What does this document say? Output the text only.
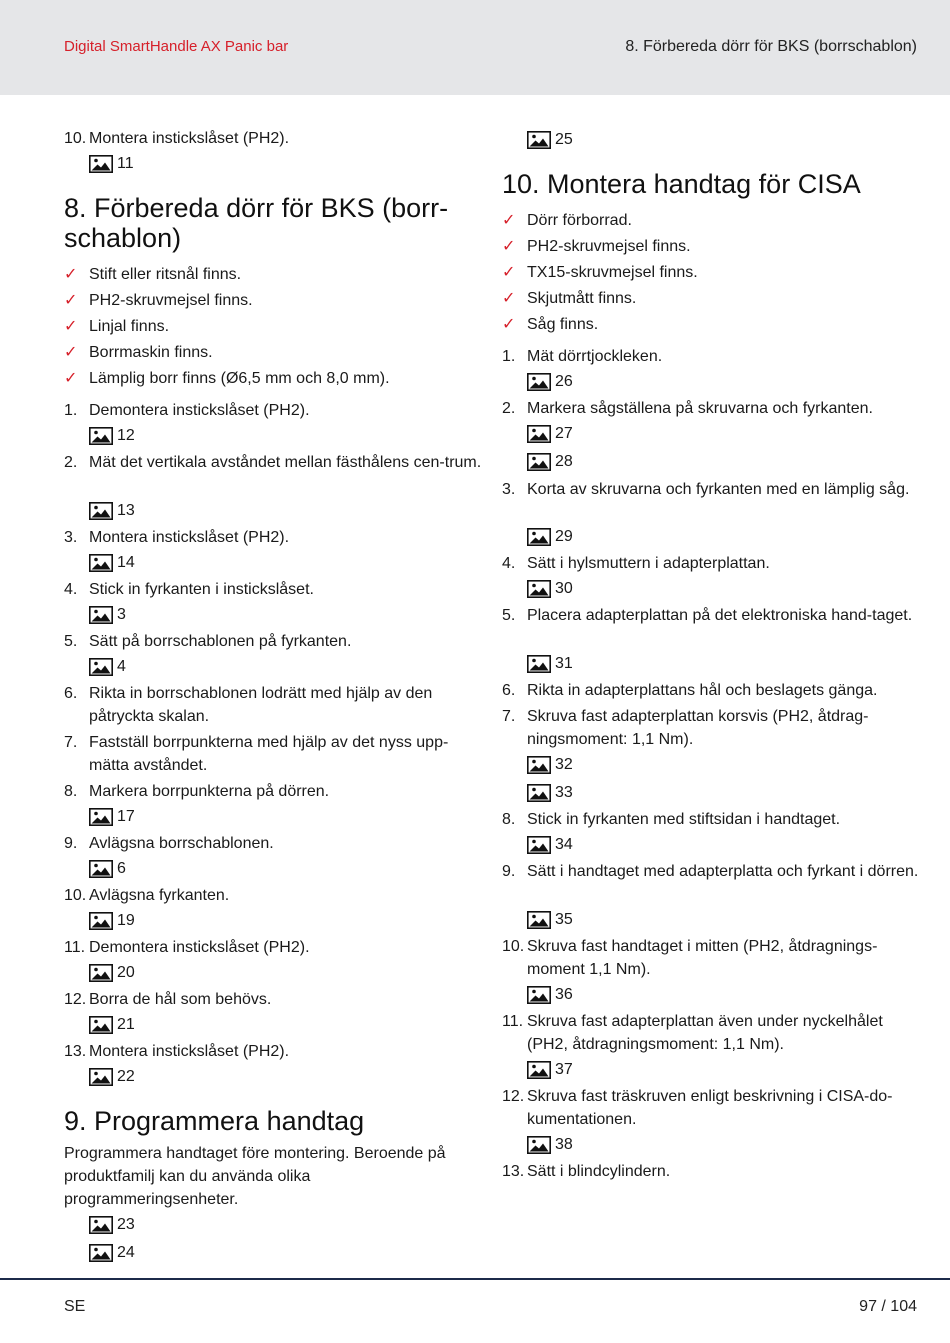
Digital SmartHandle AX Panic bar	8. Förbereda dörr för BKS (borrschablon)
10. Montera instickslåset (PH2).
11
8. Förbereda dörr för BKS (borr-schablon)
✓ Stift eller ritsnål finns.
✓ PH2-skruvmejsel finns.
✓ Linjal finns.
✓ Borrmaskin finns.
✓ Lämplig borr finns (Ø6,5 mm och 8,0 mm).
1. Demontera instickslåset (PH2).
12
2. Mät det vertikala avståndet mellan fästhålens cen-trum.
13
3. Montera instickslåset (PH2).
14
4. Stick in fyrkanten i instickslåset.
3
5. Sätt på borrschablonen på fyrkanten.
4
6. Rikta in borrschablonen lodrätt med hjälp av den påtryckta skalan.
7. Fastställ borrpunkterna med hjälp av det nyss upp-mätta avståndet.
8. Markera borrpunkterna på dörren.
17
9. Avlägsna borrschablonen.
6
10. Avlägsna fyrkanten.
19
11. Demontera instickslåset (PH2).
20
12. Borra de hål som behövs.
21
13. Montera instickslåset (PH2).
22
9. Programmera handtag
Programmera handtaget före montering. Beroende på produktfamilj kan du använda olika programmeringsenheter.
23
24
25
10. Montera handtag för CISA
✓ Dörr förborrad.
✓ PH2-skruvmejsel finns.
✓ TX15-skruvmejsel finns.
✓ Skjutmått finns.
✓ Såg finns.
1. Mät dörrtjockleken.
26
2. Markera sågställena på skruvarna och fyrkanten.
27
28
3. Korta av skruvarna och fyrkanten med en lämplig såg.
29
4. Sätt i hylsmuttern i adapterplattan.
30
5. Placera adapterplattan på det elektroniska hand-taget.
31
6. Rikta in adapterplattans hål och beslagets gänga.
7. Skruva fast adapterplattan korsvis (PH2, åtdrag-ningsmoment: 1,1 Nm).
32
33
8. Stick in fyrkanten med stiftsidan i handtaget.
34
9. Sätt i handtaget med adapterplatta och fyrkant i dörren.
35
10. Skruva fast handtaget i mitten (PH2, åtdragnings-moment 1,1 Nm).
36
11. Skruva fast adapterplattan även under nyckelhålet (PH2, åtdragningsmoment: 1,1 Nm).
37
12. Skruva fast träskruven enligt beskrivning i CISA-do-kumentationen.
38
13. Sätt i blindcylindern.
SE	97 / 104
